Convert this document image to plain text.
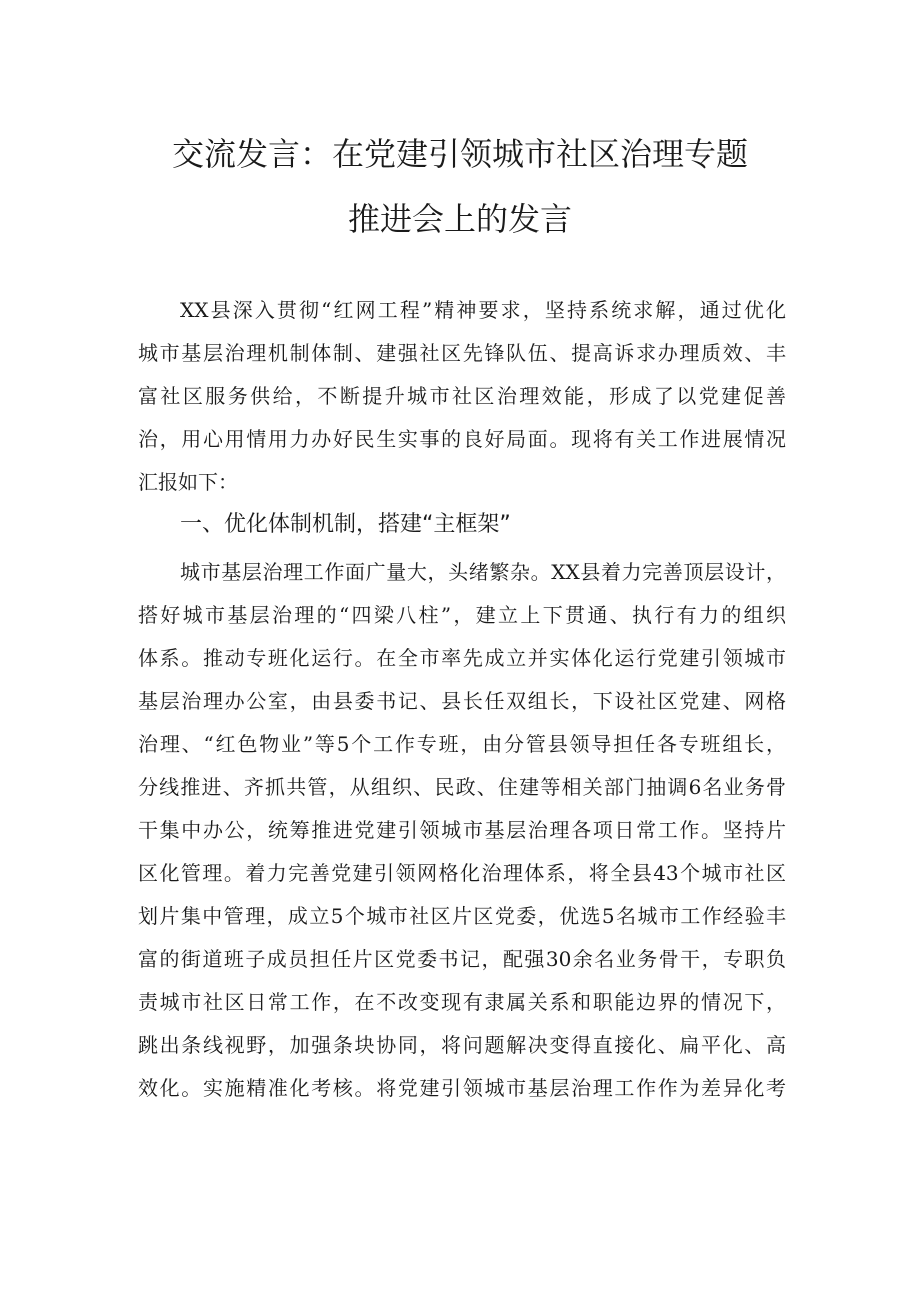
交流发言：在党建引领城市社区治理专题
推进会上的发言
XX县深入贯彻“红网工程”精神要求，坚持系统求解，通过优化
城市基层治理机制体制、建强社区先锋队伍、提高诉求办理质效、丰
富社区服务供给，不断提升城市社区治理效能，形成了以党建促善
治，用心用情用力办好民生实事的良好局面。现将有关工作进展情况
汇报如下：
一、优化体制机制，搭建“主框架”
城市基层治理工作面广量大，头绪繁杂。XX县着力完善顶层设计，
搭好城市基层治理的“四梁八柱”，建立上下贯通、执行有力的组织
体系。推动专班化运行。在全市率先成立并实体化运行党建引领城市
基层治理办公室，由县委书记、县长任双组长，下设社区党建、网格
治理、“红色物业”等5个工作专班，由分管县领导担任各专班组长，
分线推进、齐抓共管，从组织、民政、住建等相关部门抽调6名业务骨
干集中办公，统筹推进党建引领城市基层治理各项日常工作。坚持片
区化管理。着力完善党建引领网格化治理体系，将全县43个城市社区
划片集中管理，成立5个城市社区片区党委，优选5名城市工作经验丰
富的街道班子成员担任片区党委书记，配强30余名业务骨干，专职负
责城市社区日常工作，在不改变现有隶属关系和职能边界的情况下，
跳出条线视野，加强条块协同，将问题解决变得直接化、扁平化、高
效化。实施精准化考核。将党建引领城市基层治理工作作为差异化考
